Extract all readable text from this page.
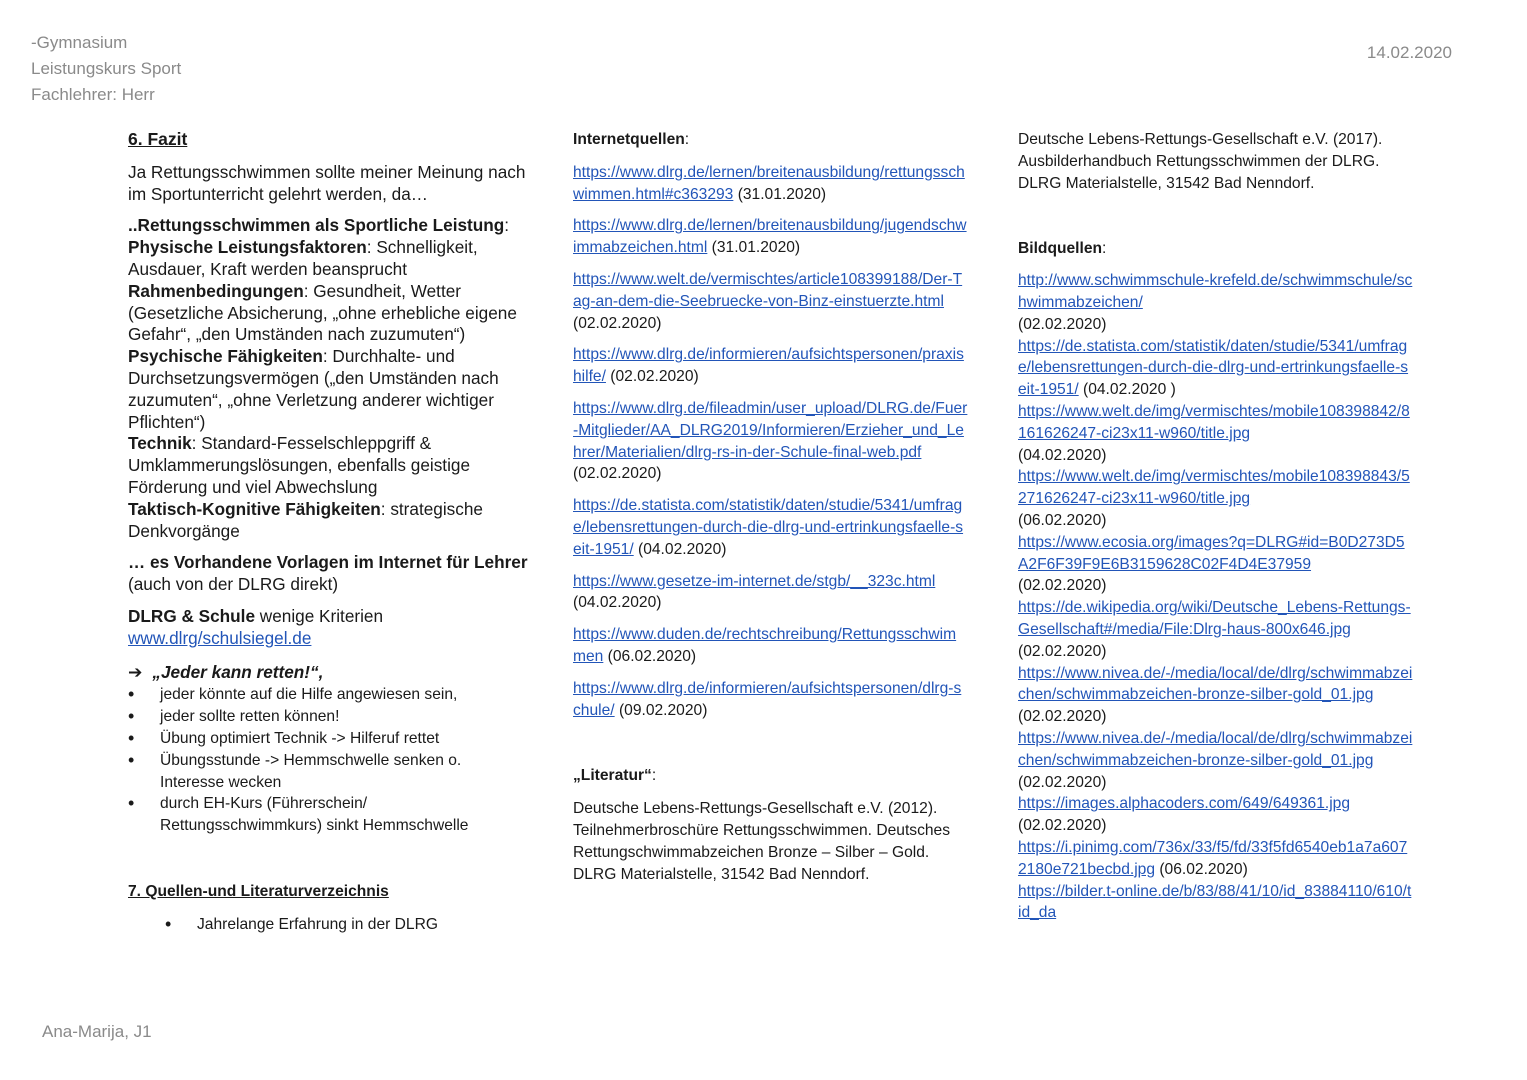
-Gymnasium
Leistungskurs Sport
Fachlehrer: Herr
14.02.2020

6. Fazit

Ja Rettungsschwimmen sollte meiner Meinung nach im Sportunterricht gelehrt werden, da…

..Rettungsschwimmen als Sportliche Leistung:

Physische Leistungsfaktoren: Schnelligkeit, Ausdauer, Kraft werden beansprucht

Rahmenbedingungen: Gesundheit, Wetter (Gesetzliche Absicherung, „ohne erhebliche eigene Gefahr“, „den Umständen nach zuzumuten“)

Psychische Fähigkeiten: Durchhalte- und Durchsetzungsvermögen („den Umständen nach zuzumuten“, „ohne Verletzung anderer wichtiger Pflichten“)

Technik: Standard-Fesselschleppgriff & Umklammerungslösungen, ebenfalls geistige Förderung und viel Abwechslung

Taktisch-Kognitive Fähigkeiten: strategische Denkvorgänge

… es Vorhandene Vorlagen im Internet für Lehrer (auch von der DLRG direkt)

DLRG & Schule wenige Kriterien

www.dlrg/schulsiegel.de

➔ „Jeder kann retten!“,

• jeder könnte auf die Hilfe angewiesen sein,
• jeder sollte retten können!
• Übung optimiert Technik -> Hilferuf rettet
• Übungsstunde -> Hemmschwelle senken o. Interesse wecken
• durch EH-Kurs (Führerschein/ Rettungsschwimmkurs) sinkt Hemmschwelle

7. Quellen-und Literaturverzeichnis

• Jahrelange Erfahrung in der DLRG

Internetquellen:

https://www.dlrg.de/lernen/breitenausbildung/rettungsschwimmen.html#c363293 (31.01.2020)

https://www.dlrg.de/lernen/breitenausbildung/jugendschwimmabzeichen.html (31.01.2020)

https://www.welt.de/vermischtes/article108399188/Der-Tag-an-dem-die-Seebruecke-von-Binz-einstuerzte.html (02.02.2020)

https://www.dlrg.de/informieren/aufsichtspersonen/praxishilfe/ (02.02.2020)

https://www.dlrg.de/fileadmin/user_upload/DLRG.de/Fuer-Mitglieder/AA_DLRG2019/Informieren/Erzieher_und_Lehrer/Materialien/dlrg-rs-in-der-Schule-final-web.pdf (02.02.2020)

https://de.statista.com/statistik/daten/studie/5341/umfrage/lebensrettungen-durch-die-dlrg-und-ertrinkungsfaelle-seit-1951/ (04.02.2020)

https://www.gesetze-im-internet.de/stgb/__323c.html (04.02.2020)

https://www.duden.de/rechtschreibung/Rettungsschwimmen (06.02.2020)

https://www.dlrg.de/informieren/aufsichtspersonen/dlrg-schule/ (09.02.2020)

„Literatur“:

Deutsche Lebens-Rettungs-Gesellschaft e.V. (2012). Teilnehmerbroschüre Rettungsschwimmen. Deutsches Rettungschwimmabzeichen Bronze – Silber – Gold. DLRG Materialstelle, 31542 Bad Nenndorf.

Deutsche Lebens-Rettungs-Gesellschaft e.V. (2017). Ausbilderhandbuch Rettungsschwimmen der DLRG. DLRG Materialstelle, 31542 Bad Nenndorf.

Bildquellen:

http://www.schwimmschule-krefeld.de/schwimmschule/schwimmabzeichen/
(02.02.2020)

https://de.statista.com/statistik/daten/studie/5341/umfrage/lebensrettungen-durch-die-dlrg-und-ertrinkungsfaelle-seit-1951/ (04.02.2020 )

https://www.welt.de/img/vermischtes/mobile108398842/8161626247-ci23x11-w960/title.jpg
(04.02.2020)

https://www.welt.de/img/vermischtes/mobile108398843/5271626247-ci23x11-w960/title.jpg
(06.02.2020)

https://www.ecosia.org/images?q=DLRG#id=B0D273D5A2F6F39F9E6B3159628C02F4D4E37959
(02.02.2020)

https://de.wikipedia.org/wiki/Deutsche_Lebens-Rettungs-Gesellschaft#/media/File:Dlrg-haus-800x646.jpg (02.02.2020)

https://www.nivea.de/-/media/local/de/dlrg/schwimmabzeichen/schwimmabzeichen-bronze-silber-gold_01.jpg
(02.02.2020)

https://www.nivea.de/-/media/local/de/dlrg/schwimmabzeichen/schwimmabzeichen-bronze-silber-gold_01.jpg
(02.02.2020)

https://images.alphacoders.com/649/649361.jpg
(02.02.2020)

https://i.pinimg.com/736x/33/f5/fd/33f5fd6540eb1a7a6072180e721becbd.jpg (06.02.2020)

https://bilder.t-online.de/b/83/88/41/10/id_83884110/610/tid_da

Ana-Marija, J1
